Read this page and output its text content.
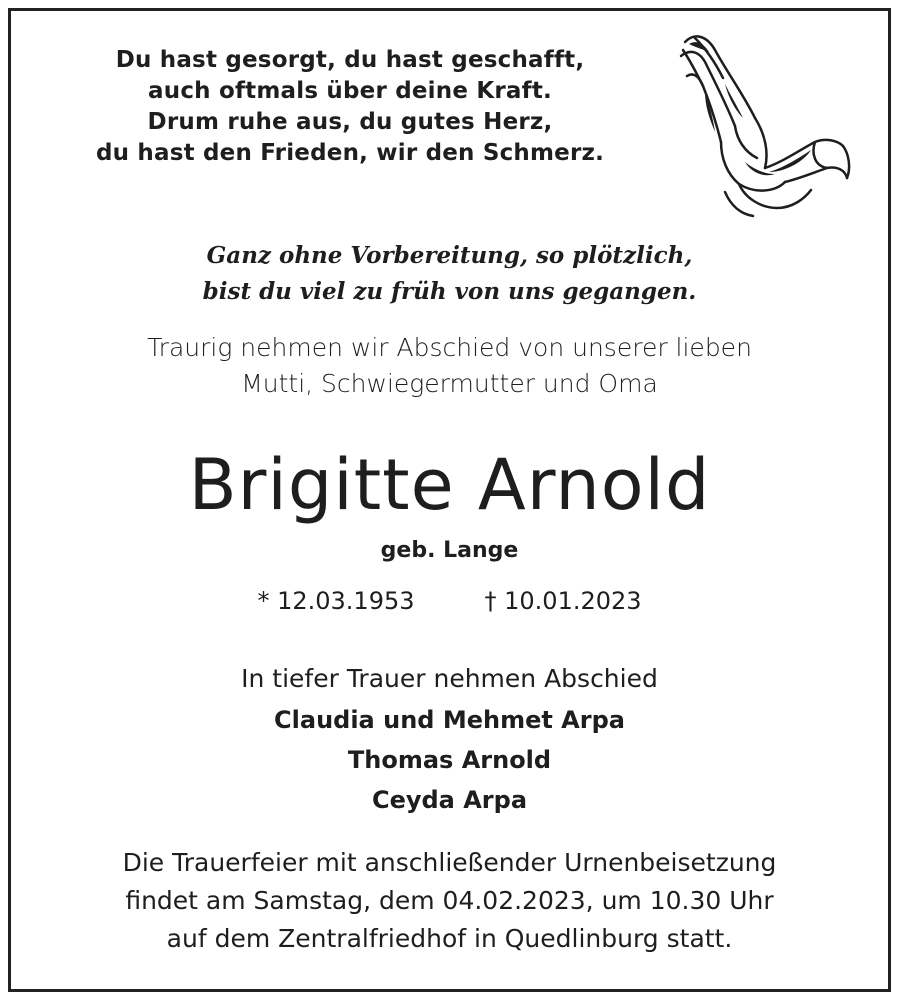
Du hast gesorgt, du hast geschafft,
auch oftmals über deine Kraft.
Drum ruhe aus, du gutes Herz,
du hast den Frieden, wir den Schmerz.
Ganz ohne Vorbereitung, so plötzlich,
bist du viel zu früh von uns gegangen.
Traurig nehmen wir Abschied von unserer lieben
Mutti, Schwiegermutter und Oma
Brigitte Arnold
geb. Lange
* 12.03.1953	† 10.01.2023
In tiefer Trauer nehmen Abschied
Claudia und Mehmet Arpa
Thomas Arnold
Ceyda Arpa
Die Trauerfeier mit anschließender Urnenbeisetzung
findet am Samstag, dem 04.02.2023, um 10.30 Uhr
auf dem Zentralfriedhof in Quedlinburg statt.
